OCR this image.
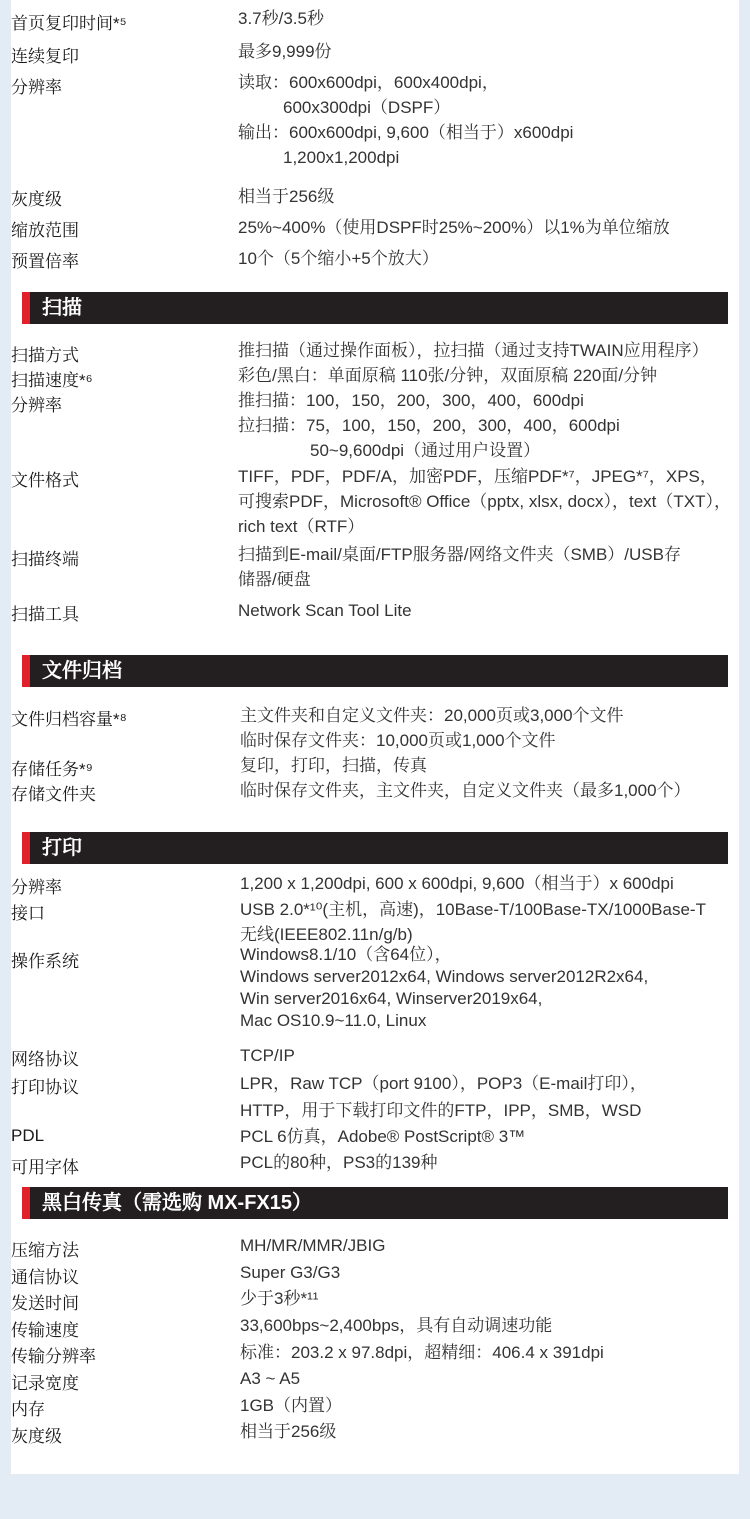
首页复印时间*⁵	3.7秒/3.5秒
连续复印	最多9,999份
分辨率	读取：600x600dpi，600x400dpi，
600x300dpi（DSPF）
输出：600x600dpi, 9,600（相当于）x600dpi
1,200x1,200dpi
灰度级	相当于256级
缩放范围	25%~400%（使用DSPF时25%~200%）以1%为单位缩放
预置倍率	10个（5个缩小+5个放大）
扫描
扫描方式	推扫描（通过操作面板），拉扫描（通过支持TWAIN应用程序）
扫描速度*⁶	彩色/黑白：单面原稿 110张/分钟，双面原稿 220面/分钟
分辨率	推扫描：100，150，200，300，400，600dpi
拉扫描：75，100，150，200，300，400，600dpi
50~9,600dpi（通过用户设置）
文件格式	TIFF，PDF，PDF/A，加密PDF，压缩PDF*⁷，JPEG*⁷，XPS，
可搜索PDF，Microsoft® Office（pptx, xlsx, docx），text（TXT），
rich text（RTF）
扫描终端	扫描到E-mail/桌面/FTP服务器/网络文件夹（SMB）/USB存
储器/硬盘
扫描工具	Network Scan Tool Lite
文件归档
文件归档容量*⁸	主文件夹和自定义文件夹：20,000页或3,000个文件
临时保存文件夹：10,000页或1,000个文件
存储任务*⁹	复印，打印，扫描，传真
存储文件夹	临时保存文件夹，主文件夹，自定义文件夹（最多1,000个）
打印
分辨率	1,200 x 1,200dpi, 600 x 600dpi, 9,600（相当于）x 600dpi
接口	USB 2.0*¹⁰(主机，高速)，10Base-T/100Base-TX/1000Base-T
无线(IEEE802.11n/g/b)
操作系统	Windows8.1/10（含64位），
Windows server2012x64, Windows server2012R2x64,
Win server2016x64, Winserver2019x64,
Mac OS10.9~11.0, Linux
网络协议	TCP/IP
打印协议	LPR，Raw TCP（port 9100），POP3（E-mail打印），
HTTP，用于下载打印文件的FTP，IPP，SMB，WSD
PDL	PCL 6仿真，Adobe® PostScript® 3™
可用字体	PCL的80种，PS3的139种
黑白传真（需选购 MX-FX15）
压缩方法	MH/MR/MMR/JBIG
通信协议	Super G3/G3
发送时间	少于3秒*¹¹
传输速度	33,600bps~2,400bps，具有自动调速功能
传输分辨率	标准：203.2 x 97.8dpi，超精细：406.4 x 391dpi
记录宽度	A3 ~ A5
内存	1GB（内置）
灰度级	相当于256级
